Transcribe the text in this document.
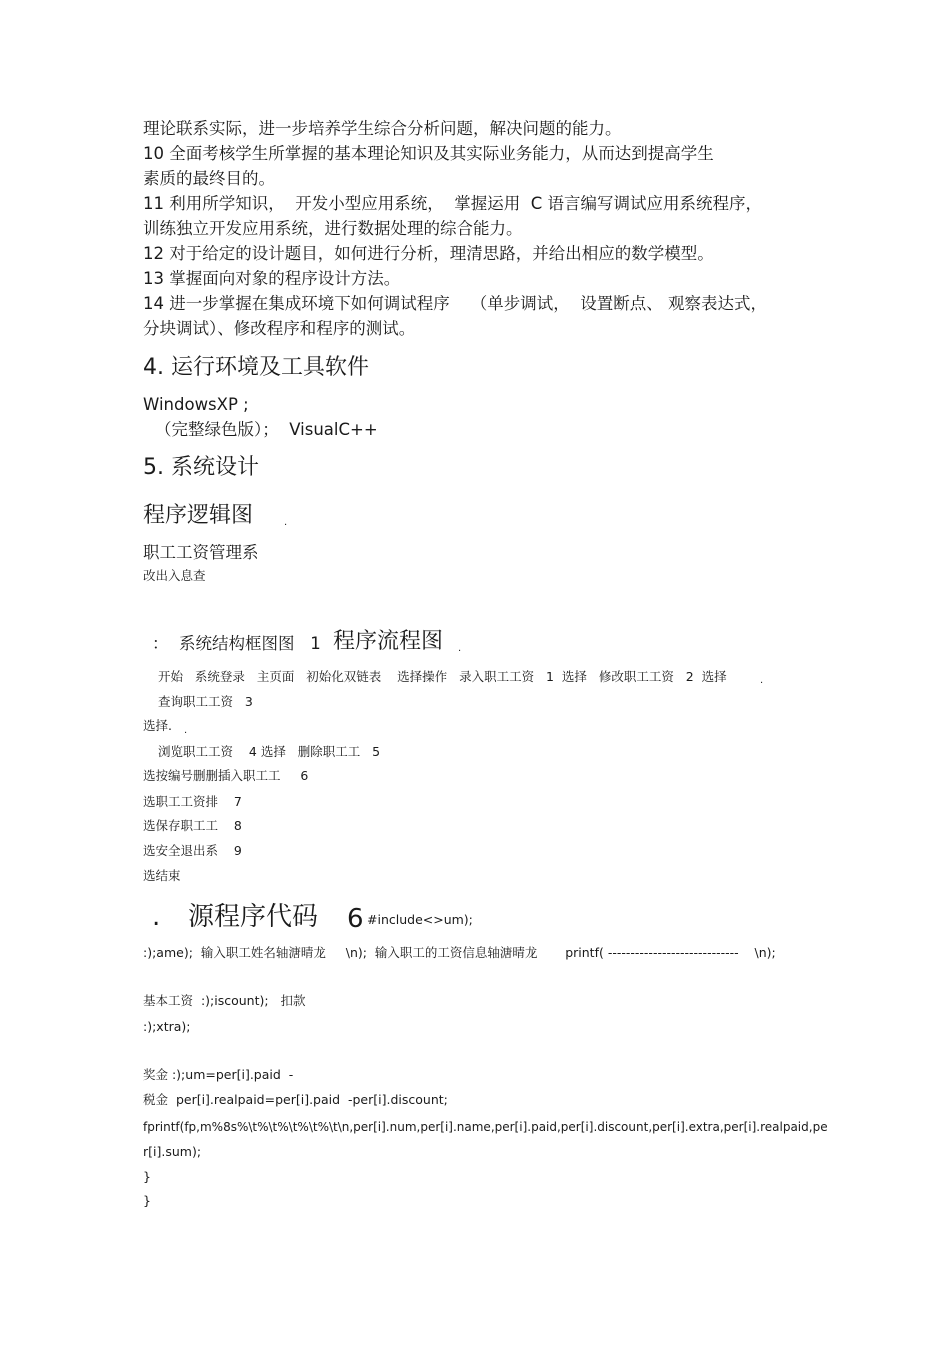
理论联系实际，进一步培养学生综合分析问题，解决问题的能力。
10 全面考核学生所掌握的基本理论知识及其实际业务能力，从而达到提高学生
素质的最终目的。
11 利用所学知识，  开发小型应用系统，  掌握运用  C 语言编写调试应用系统程序，
训练独立开发应用系统，进行数据处理的综合能力。
12 对于给定的设计题目，如何进行分析，理清思路，并给出相应的数学模型。
13 掌握面向对象的程序设计方法。
14 进一步掌握在集成环境下如何调试程序    （单步调试，  设置断点、 观察表达式，
分块调试）、修改程序和程序的测试。
4. 运行环境及工具软件
WindowsXP ;
（完整绿色版）；  VisualC++
5. 系统设计
程序逻辑图	.
职工工资管理系
改出入息查
：  系统结构框图图   1 程序流程图 .
开始   系统登录   主页面   初始化双链表    选择操作   录入职工工资   1  选择   修改职工工资   2  选择	.
查询职工工资   3
选择. .
浏览职工工资    4 选择   删除职工工   5
选按编号删删插入职工工     6
选职工工资排    7
选保存职工工    8
选安全退出系    9
选结束
. 源程序代码 6 #include<>um);
:);ame);  输入职工姓名轴溏晴龙     \n);  输入职工的工资信息轴溏晴龙       printf( -----------------------------    \n);
基本工资  :);iscount);   扣款
:);xtra);
奖金 :);um=per[i].paid  -
税金  per[i].realpaid=per[i].paid  -per[i].discount;
fprintf(fp,m%8s%\t%\t%\t%\t%\t\n,per[i].num,per[i].name,per[i].paid,per[i].discount,per[i].extra,per[i].realpaid,pe
r[i].sum);
}
}
